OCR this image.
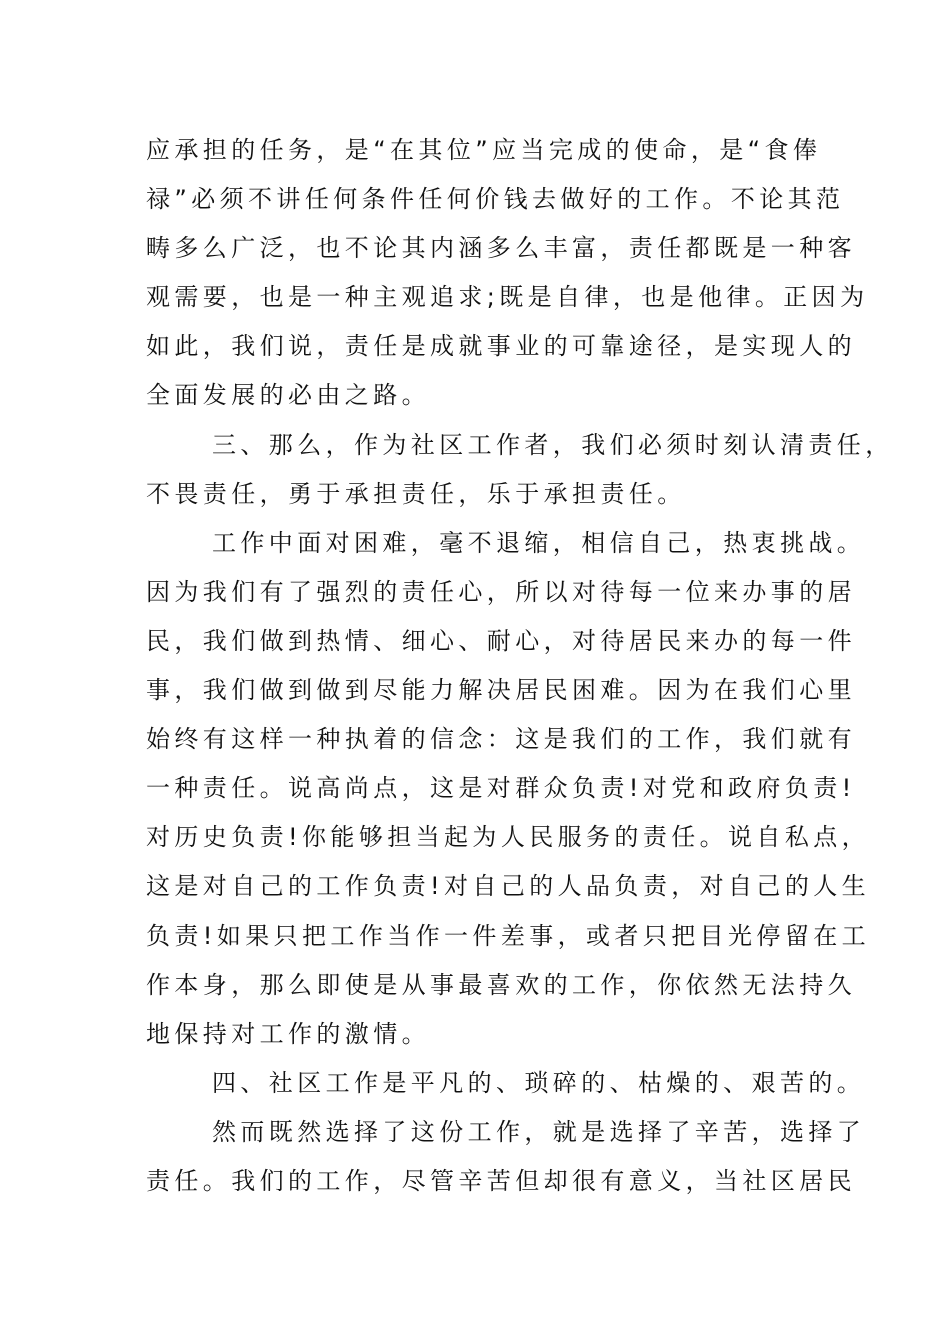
应承担的任务，是“在其位”应当完成的使命，是“食俸
禄”必须不讲任何条件任何价钱去做好的工作。不论其范
畴多么广泛，也不论其内涵多么丰富，责任都既是一种客
观需要，也是一种主观追求;既是自律，也是他律。正因为
如此，我们说，责任是成就事业的可靠途径，是实现人的
全面发展的必由之路。
三、那么，作为社区工作者，我们必须时刻认清责任，
不畏责任，勇于承担责任，乐于承担责任。
工作中面对困难，毫不退缩，相信自己，热衷挑战。
因为我们有了强烈的责任心，所以对待每一位来办事的居
民，我们做到热情、细心、耐心，对待居民来办的每一件
事，我们做到做到尽能力解决居民困难。因为在我们心里
始终有这样一种执着的信念：这是我们的工作，我们就有
一种责任。说高尚点，这是对群众负责!对党和政府负责!
对历史负责!你能够担当起为人民服务的责任。说自私点，
这是对自己的工作负责!对自己的人品负责，对自己的人生
负责!如果只把工作当作一件差事，或者只把目光停留在工
作本身，那么即使是从事最喜欢的工作，你依然无法持久
地保持对工作的激情。
四、社区工作是平凡的、琐碎的、枯燥的、艰苦的。
然而既然选择了这份工作，就是选择了辛苦，选择了
责任。我们的工作，尽管辛苦但却很有意义，当社区居民
